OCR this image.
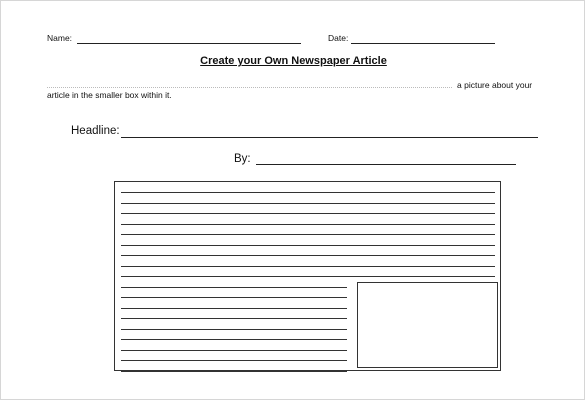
Name:	Date:
Create your Own Newspaper Article
a picture about your
article in the smaller box within it.
Headline:
By:
